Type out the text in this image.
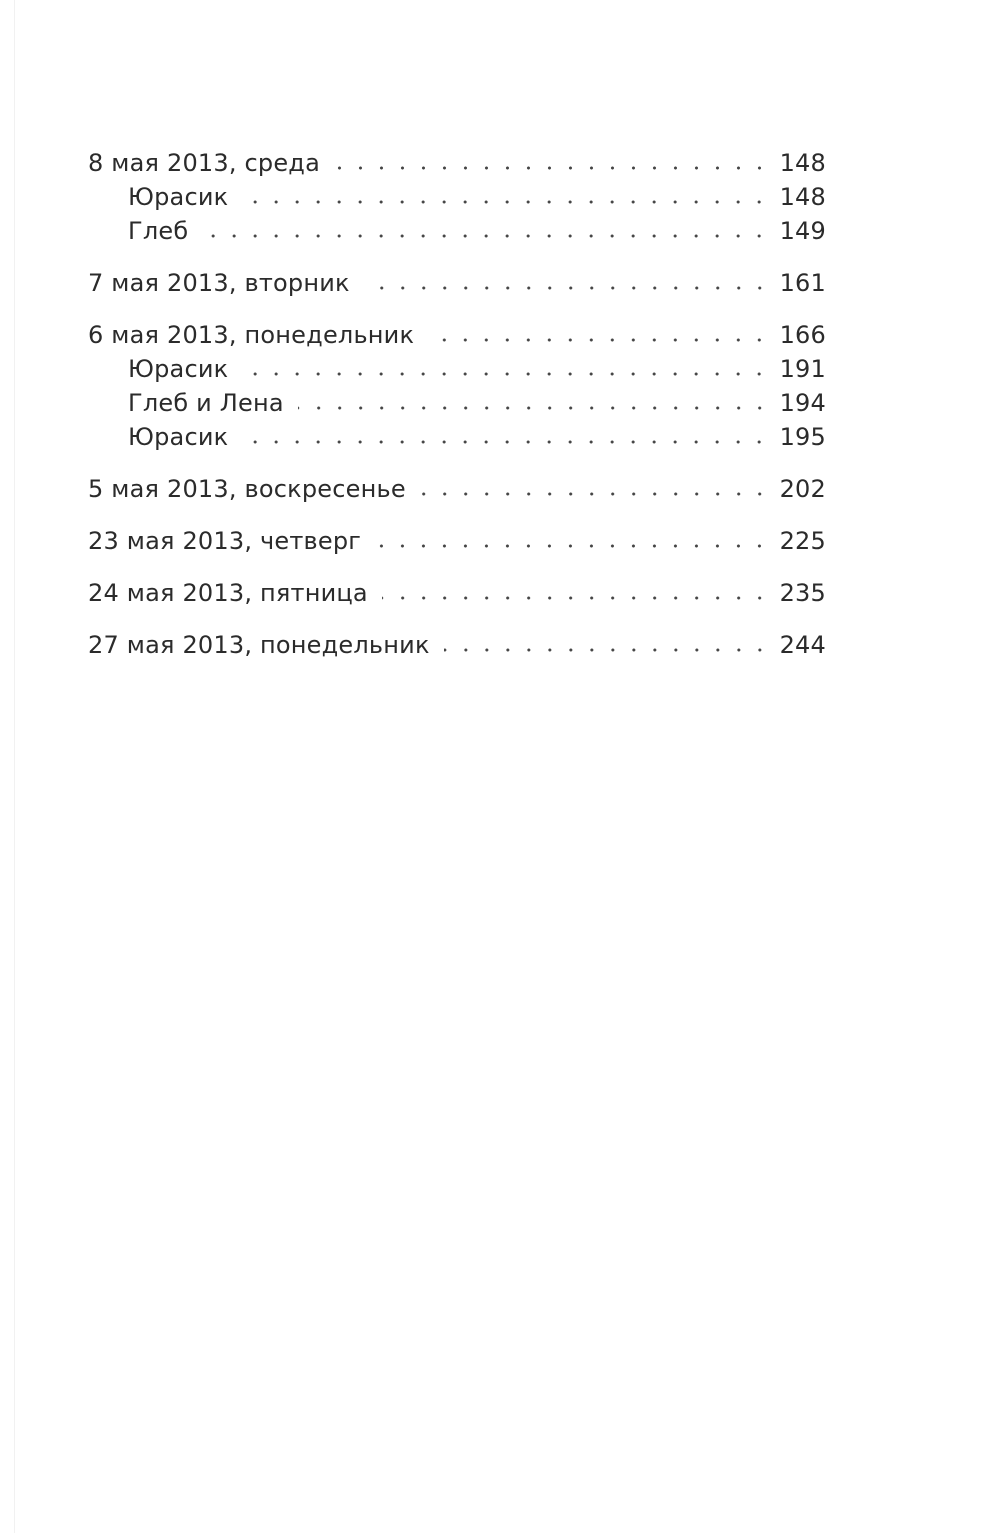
8 мая 2013, среда	148
Юрасик	148
Глеб	149
7 мая 2013, вторник	161
6 мая 2013, понедельник	166
Юрасик	191
Глеб и Лена	194
Юрасик	195
5 мая 2013, воскресенье	202
23 мая 2013, четверг	225
24 мая 2013, пятница	235
27 мая 2013, понедельник	244
